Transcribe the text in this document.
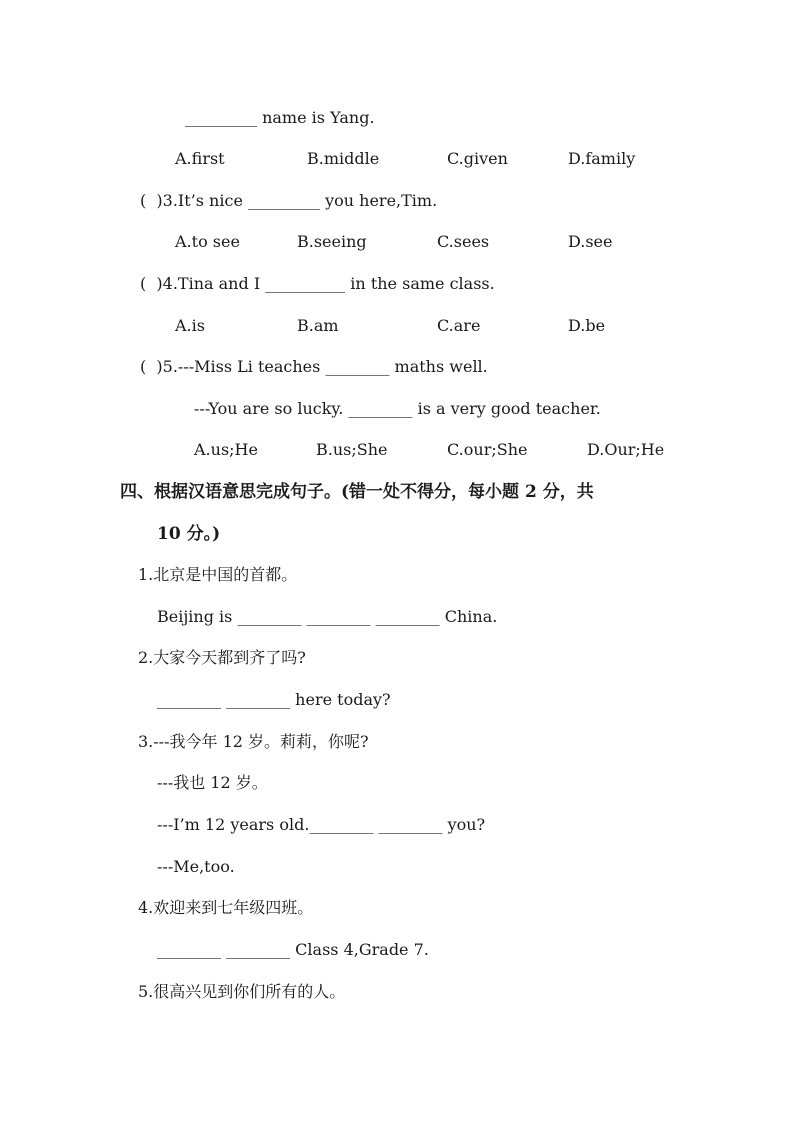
_________ name is Yang.
A.first	B.middle	C.given	D.family
(  )3.It’s nice _________ you here,Tim.
A.to see	B.seeing	C.sees	D.see
(  )4.Tina and I __________ in the same class.
A.is	B.am	C.are	D.be
(  )5.---Miss Li teaches ________ maths well.
---You are so lucky. ________ is a very good teacher.
A.us;He	B.us;She	C.our;She	D.Our;He
四、根据汉语意思完成句子。(错一处不得分，每小题 2 分，共
10 分。)
1.北京是中国的首都。
Beijing is ________ ________ ________ China.
2.大家今天都到齐了吗?
________ ________ here today?
3.---我今年 12 岁。莉莉，你呢?
---我也 12 岁。
---I’m 12 years old.________ ________ you?
---Me,too.
4.欢迎来到七年级四班。
________ ________ Class 4,Grade 7.
5.很高兴见到你们所有的人。
